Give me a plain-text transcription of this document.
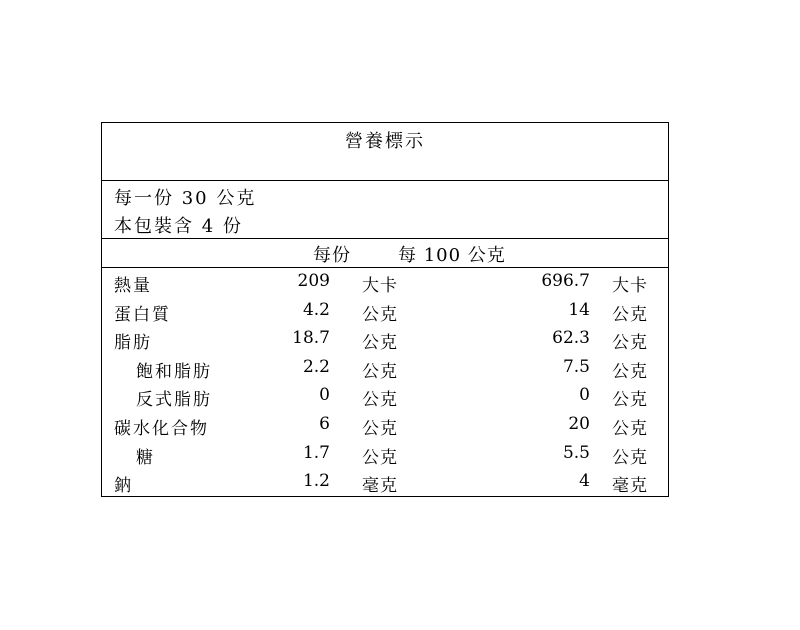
營養標示
每一份 30 公克
本包裝含 4 份
每份	每 100 公克
熱量	209 大卡	696.7 大卡
蛋白質	4.2 公克	14 公克
脂肪	18.7 公克	62.3 公克
飽和脂肪	2.2 公克	7.5 公克
反式脂肪	0 公克	0 公克
碳水化合物	6 公克	20 公克
糖	1.7 公克	5.5 公克
鈉	1.2 毫克	4 毫克
